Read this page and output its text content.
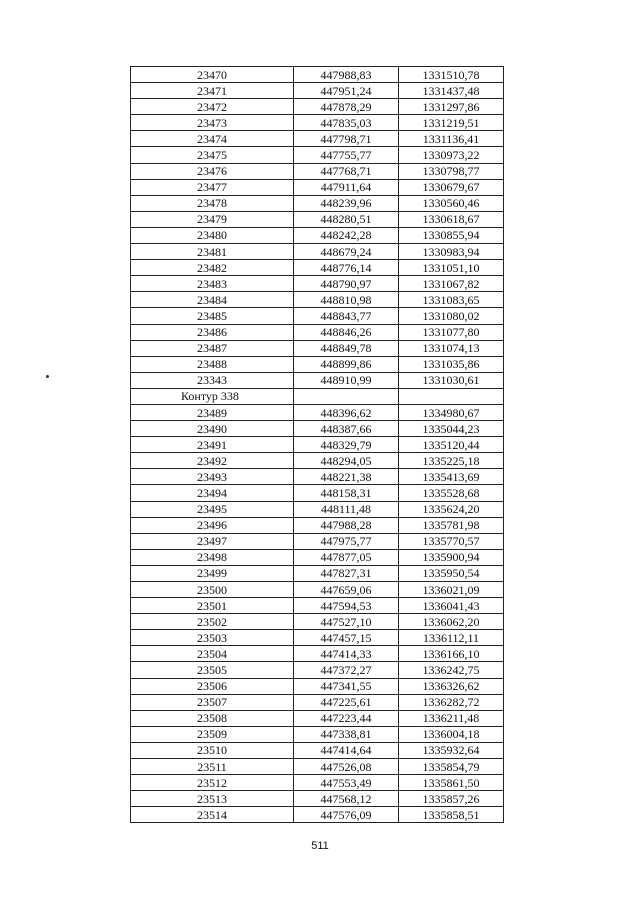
23470	447988,83	1331510,78
23471	447951,24	1331437,48
23472	447878,29	1331297,86
23473	447835,03	1331219,51
23474	447798,71	1331136,41
23475	447755,77	1330973,22
23476	447768,71	1330798,77
23477	447911,64	1330679,67
23478	448239,96	1330560,46
23479	448280,51	1330618,67
23480	448242,28	1330855,94
23481	448679,24	1330983,94
23482	448776,14	1331051,10
23483	448790,97	1331067,82
23484	448810,98	1331083,65
23485	448843,77	1331080,02
23486	448846,26	1331077,80
23487	448849,78	1331074,13
23488	448899,86	1331035,86
23343	448910,99	1331030,61
Контур 338		
23489	448396,62	1334980,67
23490	448387,66	1335044,23
23491	448329,79	1335120,44
23492	448294,05	1335225,18
23493	448221,38	1335413,69
23494	448158,31	1335528,68
23495	448111,48	1335624,20
23496	447988,28	1335781,98
23497	447975,77	1335770,57
23498	447877,05	1335900,94
23499	447827,31	1335950,54
23500	447659,06	1336021,09
23501	447594,53	1336041,43
23502	447527,10	1336062,20
23503	447457,15	1336112,11
23504	447414,33	1336166,10
23505	447372,27	1336242,75
23506	447341,55	1336326,62
23507	447225,61	1336282,72
23508	447223,44	1336211,48
23509	447338,81	1336004,18
23510	447414,64	1335932,64
23511	447526,08	1335854,79
23512	447553,49	1335861,50
23513	447568,12	1335857,26
23514	447576,09	1335858,51
511
